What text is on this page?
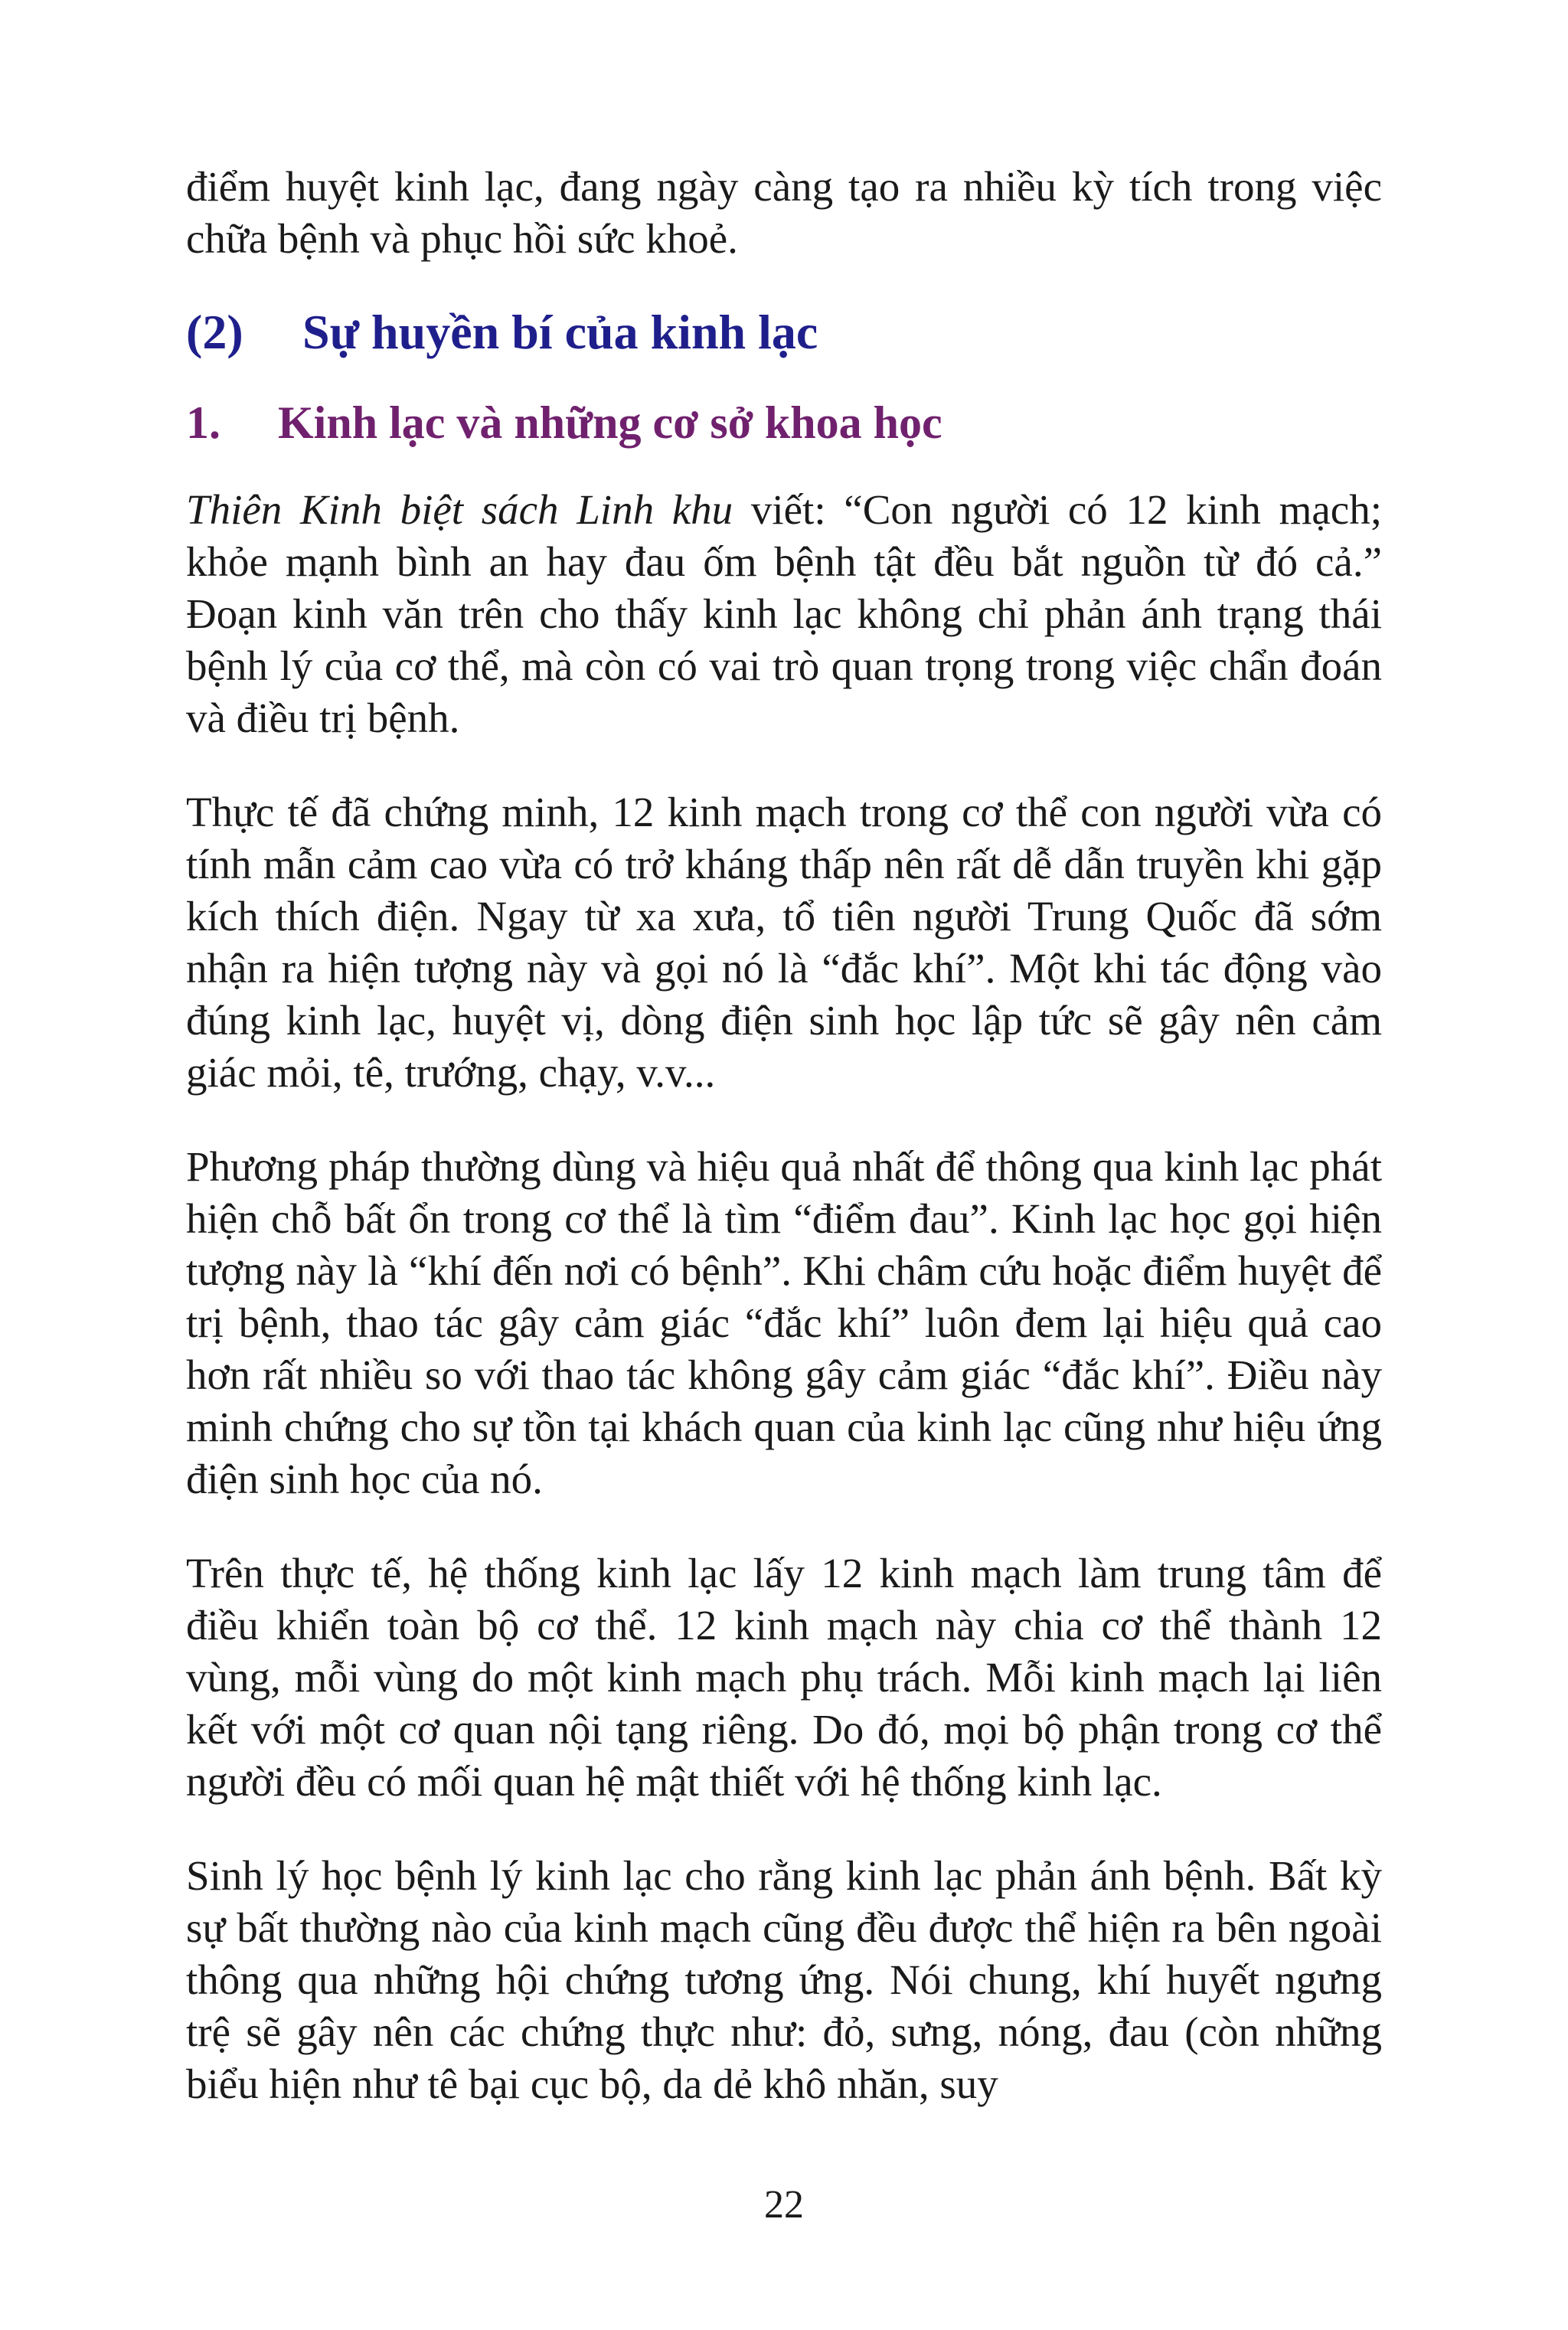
điểm huyệt kinh lạc, đang ngày càng tạo ra nhiều kỳ tích trong việc chữa bệnh và phục hồi sức khoẻ.

(2) Sự huyền bí của kinh lạc
1. Kinh lạc và những cơ sở khoa học

Thiên Kinh biệt sách Linh khu viết: “Con người có 12 kinh mạch; khỏe mạnh bình an hay đau ốm bệnh tật đều bắt nguồn từ đó cả.” Đoạn kinh văn trên cho thấy kinh lạc không chỉ phản ánh trạng thái bệnh lý của cơ thể, mà còn có vai trò quan trọng trong việc chẩn đoán và điều trị bệnh.

Thực tế đã chứng minh, 12 kinh mạch trong cơ thể con người vừa có tính mẫn cảm cao vừa có trở kháng thấp nên rất dễ dẫn truyền khi gặp kích thích điện. Ngay từ xa xưa, tổ tiên người Trung Quốc đã sớm nhận ra hiện tượng này và gọi nó là “đắc khí”. Một khi tác động vào đúng kinh lạc, huyệt vị, dòng điện sinh học lập tức sẽ gây nên cảm giác mỏi, tê, trướng, chạy, v.v...

Phương pháp thường dùng và hiệu quả nhất để thông qua kinh lạc phát hiện chỗ bất ổn trong cơ thể là tìm “điểm đau”. Kinh lạc học gọi hiện tượng này là “khí đến nơi có bệnh”. Khi châm cứu hoặc điểm huyệt để trị bệnh, thao tác gây cảm giác “đắc khí” luôn đem lại hiệu quả cao hơn rất nhiều so với thao tác không gây cảm giác “đắc khí”. Điều này minh chứng cho sự tồn tại khách quan của kinh lạc cũng như hiệu ứng điện sinh học của nó.

Trên thực tế, hệ thống kinh lạc lấy 12 kinh mạch làm trung tâm để điều khiển toàn bộ cơ thể. 12 kinh mạch này chia cơ thể thành 12 vùng, mỗi vùng do một kinh mạch phụ trách. Mỗi kinh mạch lại liên kết với một cơ quan nội tạng riêng. Do đó, mọi bộ phận trong cơ thể người đều có mối quan hệ mật thiết với hệ thống kinh lạc.

Sinh lý học bệnh lý kinh lạc cho rằng kinh lạc phản ánh bệnh. Bất kỳ sự bất thường nào của kinh mạch cũng đều được thể hiện ra bên ngoài thông qua những hội chứng tương ứng. Nói chung, khí huyết ngưng trệ sẽ gây nên các chứng thực như: đỏ, sưng, nóng, đau (còn những biểu hiện như tê bại cục bộ, da dẻ khô nhăn, suy

22
